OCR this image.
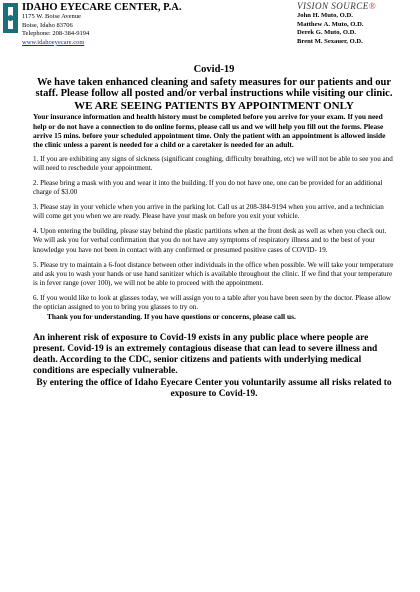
IDAHO EYECARE CENTER, P.A.
1175 W. Boise Avenue
Boise, Idaho 83706
Telephone: 208-384-9194
www.idahoeyecare.com
VISION SOURCE®
John H. Muto, O.D.
Matthew A. Muto, O.D.
Derek G. Muto, O.D.
Brent M. Sexauer, O.D.
Covid-19
We have taken enhanced cleaning and safety measures for our patients and our staff. Please follow all posted and/or verbal instructions while visiting our clinic.
WE ARE SEEING PATIENTS BY APPOINTMENT ONLY
Your insurance information and health history must be completed before you arrive for your exam. If you need help or do not have a connection to do online forms, please call us and we will help you fill out the forms. Please arrive 15 mins. before your scheduled appointment time. Only the patient with an appointment is allowed inside the clinic unless a parent is needed for a child or a caretaker is needed for an adult.
1. If you are exhibiting any signs of sickness (significant coughing, difficulty breathing, etc) we will not be able to see you and will need to reschedule your appointment.
2. Please bring a mask with you and wear it into the building. If you do not have one, one can be provided for an additional charge of $3.00
3. Please stay in your vehicle when you arrive in the parking lot. Call us at 208-384-9194 when you arrive, and a technician will come get you when we are ready. Please have your mask on before you exit your vehicle.
4. Upon entering the building, please stay behind the plastic partitions when at the front desk as well as when you check out. We will ask you for verbal confirmation that you do not have any symptoms of respiratory illness and to the best of your knowledge you have not been in contact with any confirmed or presumed positive cases of COVID- 19.
5. Please try to maintain a 6-foot distance between other individuals in the office when possible. We will take your temperature and ask you to wash your hands or use hand sanitizer which is available throughout the clinic. If we find that your temperature is in fever range (over 100), we will not be able to proceed with the appointment.
6. If you would like to look at glasses today, we will assign you to a table after you have been seen by the doctor. Please allow the optician assigned to you to bring you glasses to try on.
Thank you for understanding. If you have questions or concerns, please call us.
An inherent risk of exposure to Covid-19 exists in any public place where people are present. Covid-19 is an extremely contagious disease that can lead to severe illness and death. According to the CDC, senior citizens and patients with underlying medical conditions are especially vulnerable.
By entering the office of Idaho Eyecare Center you voluntarily assume all risks related to exposure to Covid-19.
